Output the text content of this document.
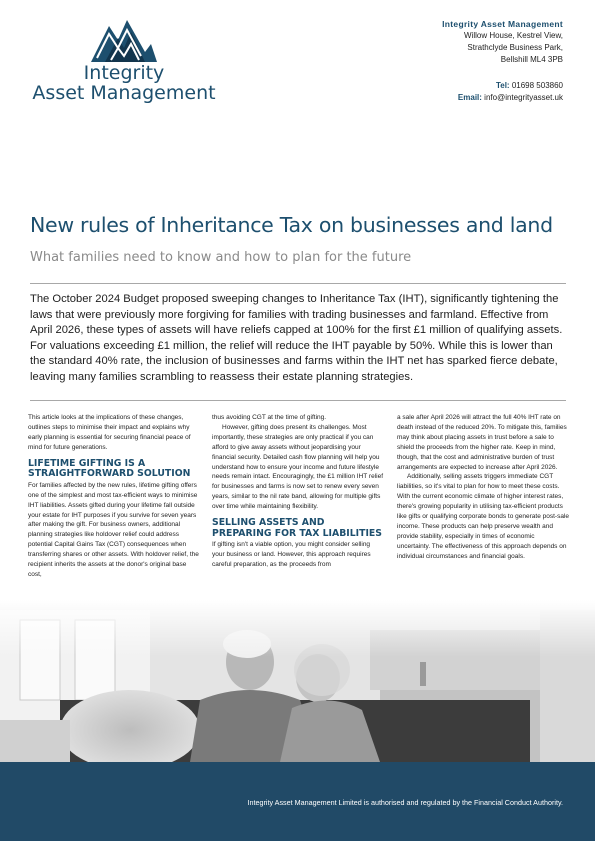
Integrity
Asset Management
Integrity Asset Management
Willow House, Kestrel View,
Strathclyde Business Park,
Bellshill ML4 3PB
Tel: 01698 503860
Email: info@integrityasset.uk
New rules of Inheritance Tax on businesses and land
What families need to know and how to plan for the future

The October 2024 Budget proposed sweeping changes to Inheritance Tax (IHT), significantly tightening the laws that were previously more forgiving for families with trading businesses and farmland. Effective from April 2026, these types of assets will have reliefs capped at 100% for the first £1 million of qualifying assets. For valuations exceeding £1 million, the relief will reduce the IHT payable by 50%. While this is lower than the standard 40% rate, the inclusion of businesses and farms within the IHT net has sparked fierce debate, leaving many families scrambling to reassess their estate planning strategies.

This article looks at the implications of these changes, outlines steps to minimise their impact and explains why early planning is essential for securing financial peace of mind for future generations.

LIFETIME GIFTING IS A STRAIGHTFORWARD SOLUTION

For families affected by the new rules, lifetime gifting offers one of the simplest and most tax-efficient ways to minimise IHT liabilities. Assets gifted during your lifetime fall outside your estate for IHT purposes if you survive for seven years after making the gift. For business owners, additional planning strategies like holdover relief could address potential Capital Gains Tax (CGT) consequences when transferring shares or other assets. With holdover relief, the recipient inherits the assets at the donor's original base cost,

thus avoiding CGT at the time of gifting.

However, gifting does present its challenges. Most importantly, these strategies are only practical if you can afford to give away assets without jeopardising your financial security. Detailed cash flow planning will help you understand how to ensure your income and future lifestyle needs remain intact. Encouragingly, the £1 million IHT relief for businesses and farms is now set to renew every seven years, similar to the nil rate band, allowing for multiple gifts over time while maintaining flexibility.

SELLING ASSETS AND PREPARING FOR TAX LIABILITIES

If gifting isn't a viable option, you might consider selling your business or land. However, this approach requires careful preparation, as the proceeds from

a sale after April 2026 will attract the full 40% IHT rate on death instead of the reduced 20%. To mitigate this, families may think about placing assets in trust before a sale to shield the proceeds from the higher rate. Keep in mind, though, that the cost and administrative burden of trust arrangements are expected to increase after April 2026.

Additionally, selling assets triggers immediate CGT liabilities, so it's vital to plan for how to meet these costs. With the current economic climate of higher interest rates, there's growing popularity in utilising tax-efficient products like gifts or qualifying corporate bonds to generate post-sale income. These products can help preserve wealth and provide stability, especially in times of economic uncertainty. The effectiveness of this approach depends on individual circumstances and financial goals.

Integrity Asset Management Limited is authorised and regulated by the Financial Conduct Authority.
